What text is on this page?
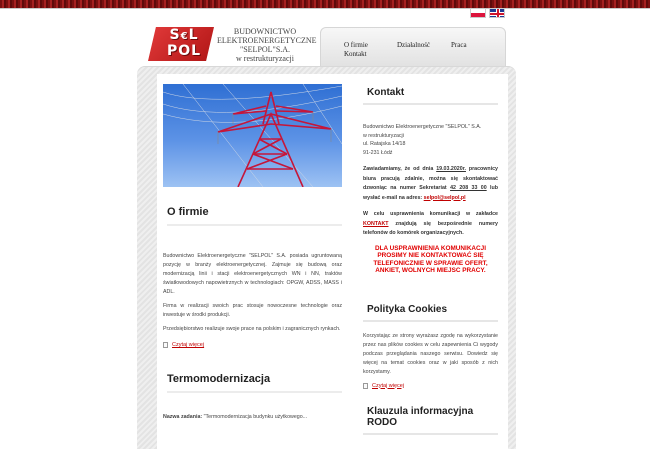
S€L
POL
BUDOWNICTWO
ELEKTROENERGETYCZNE
"SELPOL"S.A.
w restrukturyzacji
O firmie	Działalność	Praca
Kontakt
O firmie

Budownictwo Elektroenergetyczne "SELPOL" S.A. posiada ugruntowaną pozycję w branży elektroenergetycznej. Zajmuje się budową oraz modernizacją linii i stacji elektroenergetycznych WN i NN, traktów światłowodowych napowietrznych w technologiach: OPGW, ADSS, MASS i ADL.

Firma w realizacji swoich prac stosuje nowoczesne technologie oraz inwestuje w środki produkcji.

Przedsiębiorstwo realizuje swoje prace na polskim i zagranicznych rynkach.

Czytaj więcej
Termomodernizacja

Nazwa zadania: "Termomodernizacja budynku użytkowego...

Kontakt

Budownictwo Elektroenergetyczne "SELPOL" S.A.

w restrukturyzacji

ul. Ratajska 14/18

91-231 Łódź

Zawiadamiamy, że od dnia 19.03.2020r. pracownicy biura pracują zdalnie, można się skontaktować dzwoniąc na numer Sekretariat 42 208 33 00 lub wysłać e-mail na adres: selpol@selpol.pl

W celu usprawnienia komunikacji w zakładce KONTAKT znajdują się bezpośrednie numery telefonów do komórek organizacyjnych.

DLA USPRAWNIENIA KOMUNIKACJI PROSIMY NIE KONTAKTOWAĆ SIĘ TELEFONICZNIE W SPRAWIE OFERT, ANKIET, WOLNYCH MIEJSC PRACY.

Polityka Cookies

Korzystając ze strony wyrażasz zgodę na wykorzystanie przez nas plików cookies w celu zapewnienia Ci wygody podczas przeglądania naszego serwisu. Dowiedz się więcej na temat cookies oraz w jaki sposób z nich korzystamy.

Czytaj więcej
Klauzula informacyjna RODO
